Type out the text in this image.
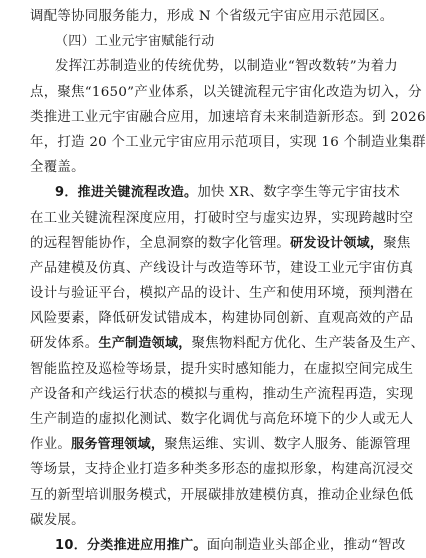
调配等协同服务能力，形成 N 个省级元宇宙应用示范园区。
（四）工业元宇宙赋能行动
发挥江苏制造业的传统优势，以制造业“智改数转”为着力
点，聚焦“1650”产业体系，以关键流程元宇宙化改造为切入，分
类推进工业元宇宙融合应用，加速培育未来制造新形态。到 2026
年，打造 20 个工业元宇宙应用示范项目，实现 16 个制造业集群
全覆盖。
9．推进关键流程改造。加快 XR、数字孪生等元宇宙技术
在工业关键流程深度应用，打破时空与虚实边界，实现跨越时空
的远程智能协作，全息洞察的数字化管理。研发设计领域，聚焦
产品建模及仿真、产线设计与改造等环节，建设工业元宇宙仿真
设计与验证平台，模拟产品的设计、生产和使用环境，预判潜在
风险要素，降低研发试错成本，构建协同创新、直观高效的产品
研发体系。生产制造领域，聚焦物料配方优化、生产装备及生产、
智能监控及巡检等场景，提升实时感知能力，在虚拟空间完成生
产设备和产线运行状态的模拟与重构，推动生产流程再造，实现
生产制造的虚拟化测试、数字化调优与高危环境下的少人或无人
作业。服务管理领域，聚焦运维、实训、数字人服务、能源管理
等场景，支持企业打造多种类多形态的虚拟形象，构建高沉浸交
互的新型培训服务模式，开展碳排放建模仿真，推动企业绿色低
碳发展。
10．分类推进应用推广。面向制造业头部企业，推动“智改
